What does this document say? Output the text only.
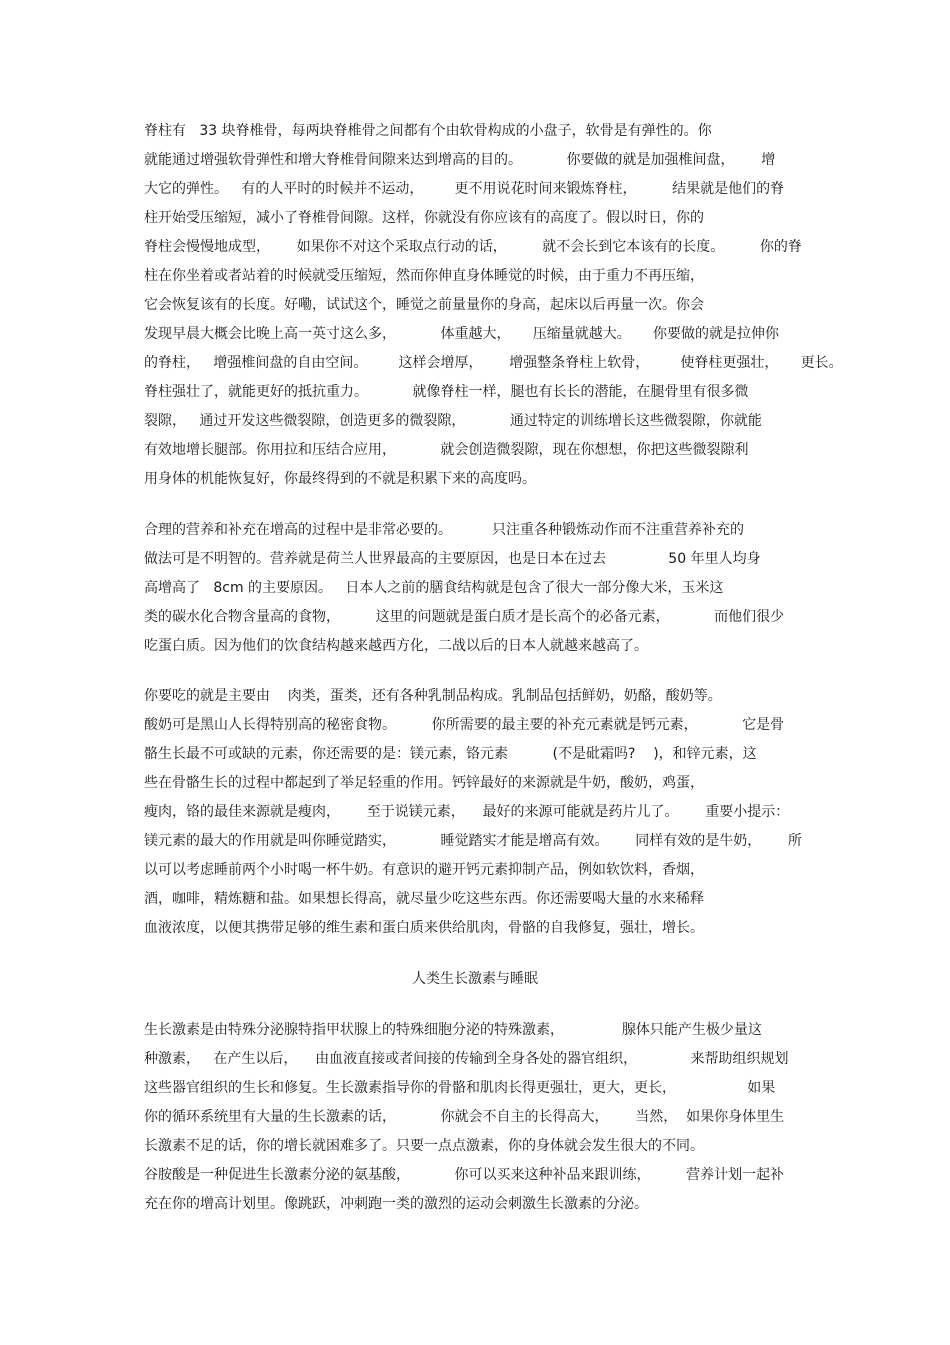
脊柱有   33 块脊椎骨，每两块脊椎骨之间都有个由软骨构成的小盘子，软骨是有弹性的。你
就能通过增强软骨弹性和增大脊椎骨间隙来达到增高的目的。          你要做的就是加强椎间盘，      增
大它的弹性。   有的人平时的时候并不运动，       更不用说花时间来锻炼脊柱，        结果就是他们的脊
柱开始受压缩短，减小了脊椎骨间隙。这样，你就没有你应该有的高度了。假以时日，你的
脊柱会慢慢地成型，      如果你不对这个采取点行动的话，        就不会长到它本该有的长度。        你的脊
柱在你坐着或者站着的时候就受压缩短，然而你伸直身体睡觉的时候，由于重力不再压缩，
它会恢复该有的长度。好嘞，试试这个，睡觉之前量量你的身高，起床以后再量一次。你会
发现早晨大概会比晚上高一英寸这么多，          体重越大，     压缩量就越大。     你要做的就是拉伸你
的脊柱，   增强椎间盘的自由空间。       这样会增厚，      增强整条脊柱上软骨，       使脊柱更强壮，     更长。
脊柱强壮了，就能更好的抵抗重力。          就像脊柱一样，腿也有长长的潜能，在腿骨里有很多微
裂隙，   通过开发这些微裂隙，创造更多的微裂隙，          通过特定的训练增长这些微裂隙，你就能
有效地增长腿部。你用拉和压结合应用，          就会创造微裂隙，现在你想想，你把这些微裂隙利
用身体的机能恢复好，你最终得到的不就是积累下来的高度吗。
合理的营养和补充在增高的过程中是非常必要的。         只注重各种锻炼动作而不注重营养补充的
做法可是不明智的。营养就是荷兰人世界最高的主要原因，也是日本在过去              50 年里人均身
高增高了   8cm 的主要原因。   日本人之前的膳食结构就是包含了很大一部分像大米，玉米这
类的碳水化合物含量高的食物，        这里的问题就是蛋白质才是长高个的必备元素，          而他们很少
吃蛋白质。因为他们的饮食结构越来越西方化，二战以后的日本人就越来越高了。
你要吃的就是主要由    肉类，蛋类，还有各种乳制品构成。乳制品包括鲜奶，奶酪，酸奶等。
酸奶可是黑山人长得特别高的秘密食物。        你所需要的最主要的补充元素就是钙元素，          它是骨
骼生长最不可或缺的元素，你还需要的是：镁元素，铬元素          (不是砒霜吗?    )，和锌元素，这
些在骨骼生长的过程中都起到了举足轻重的作用。钙锌最好的来源就是牛奶，酸奶，鸡蛋，
瘦肉，铬的最佳来源就是瘦肉，      至于说镁元素，    最好的来源可能就是药片儿了。      重要小提示：
镁元素的最大的作用就是叫你睡觉踏实，          睡觉踏实才能是增高有效。      同样有效的是牛奶，      所
以可以考虑睡前两个小时喝一杯牛奶。有意识的避开钙元素抑制产品，例如软饮料，香烟，
酒，咖啡，精炼糖和盐。如果想长得高，就尽量少吃这些东西。你还需要喝大量的水来稀释
血液浓度，以便其携带足够的维生素和蛋白质来供给肌肉，骨骼的自我修复，强壮，增长。
人类生长激素与睡眠
生长激素是由特殊分泌腺特指甲状腺上的特殊细胞分泌的特殊激素，             腺体只能产生极少量这
种激素，   在产生以后，    由血液直接或者间接的传输到全身各处的器官组织，            来帮助组织规划
这些器官组织的生长和修复。生长激素指导你的骨骼和肌肉长得更强壮，更大，更长，                如果
你的循环系统里有大量的生长激素的话，          你就会不自主的长得高大，      当然，  如果你身体里生
长激素不足的话，你的增长就困难多了。只要一点点激素，你的身体就会发生很大的不同。
谷胺酸是一种促进生长激素分泌的氨基酸，          你可以买来这种补品来跟训练，        营养计划一起补
充在你的增高计划里。像跳跃，冲刺跑一类的激烈的运动会刺激生长激素的分泌。
